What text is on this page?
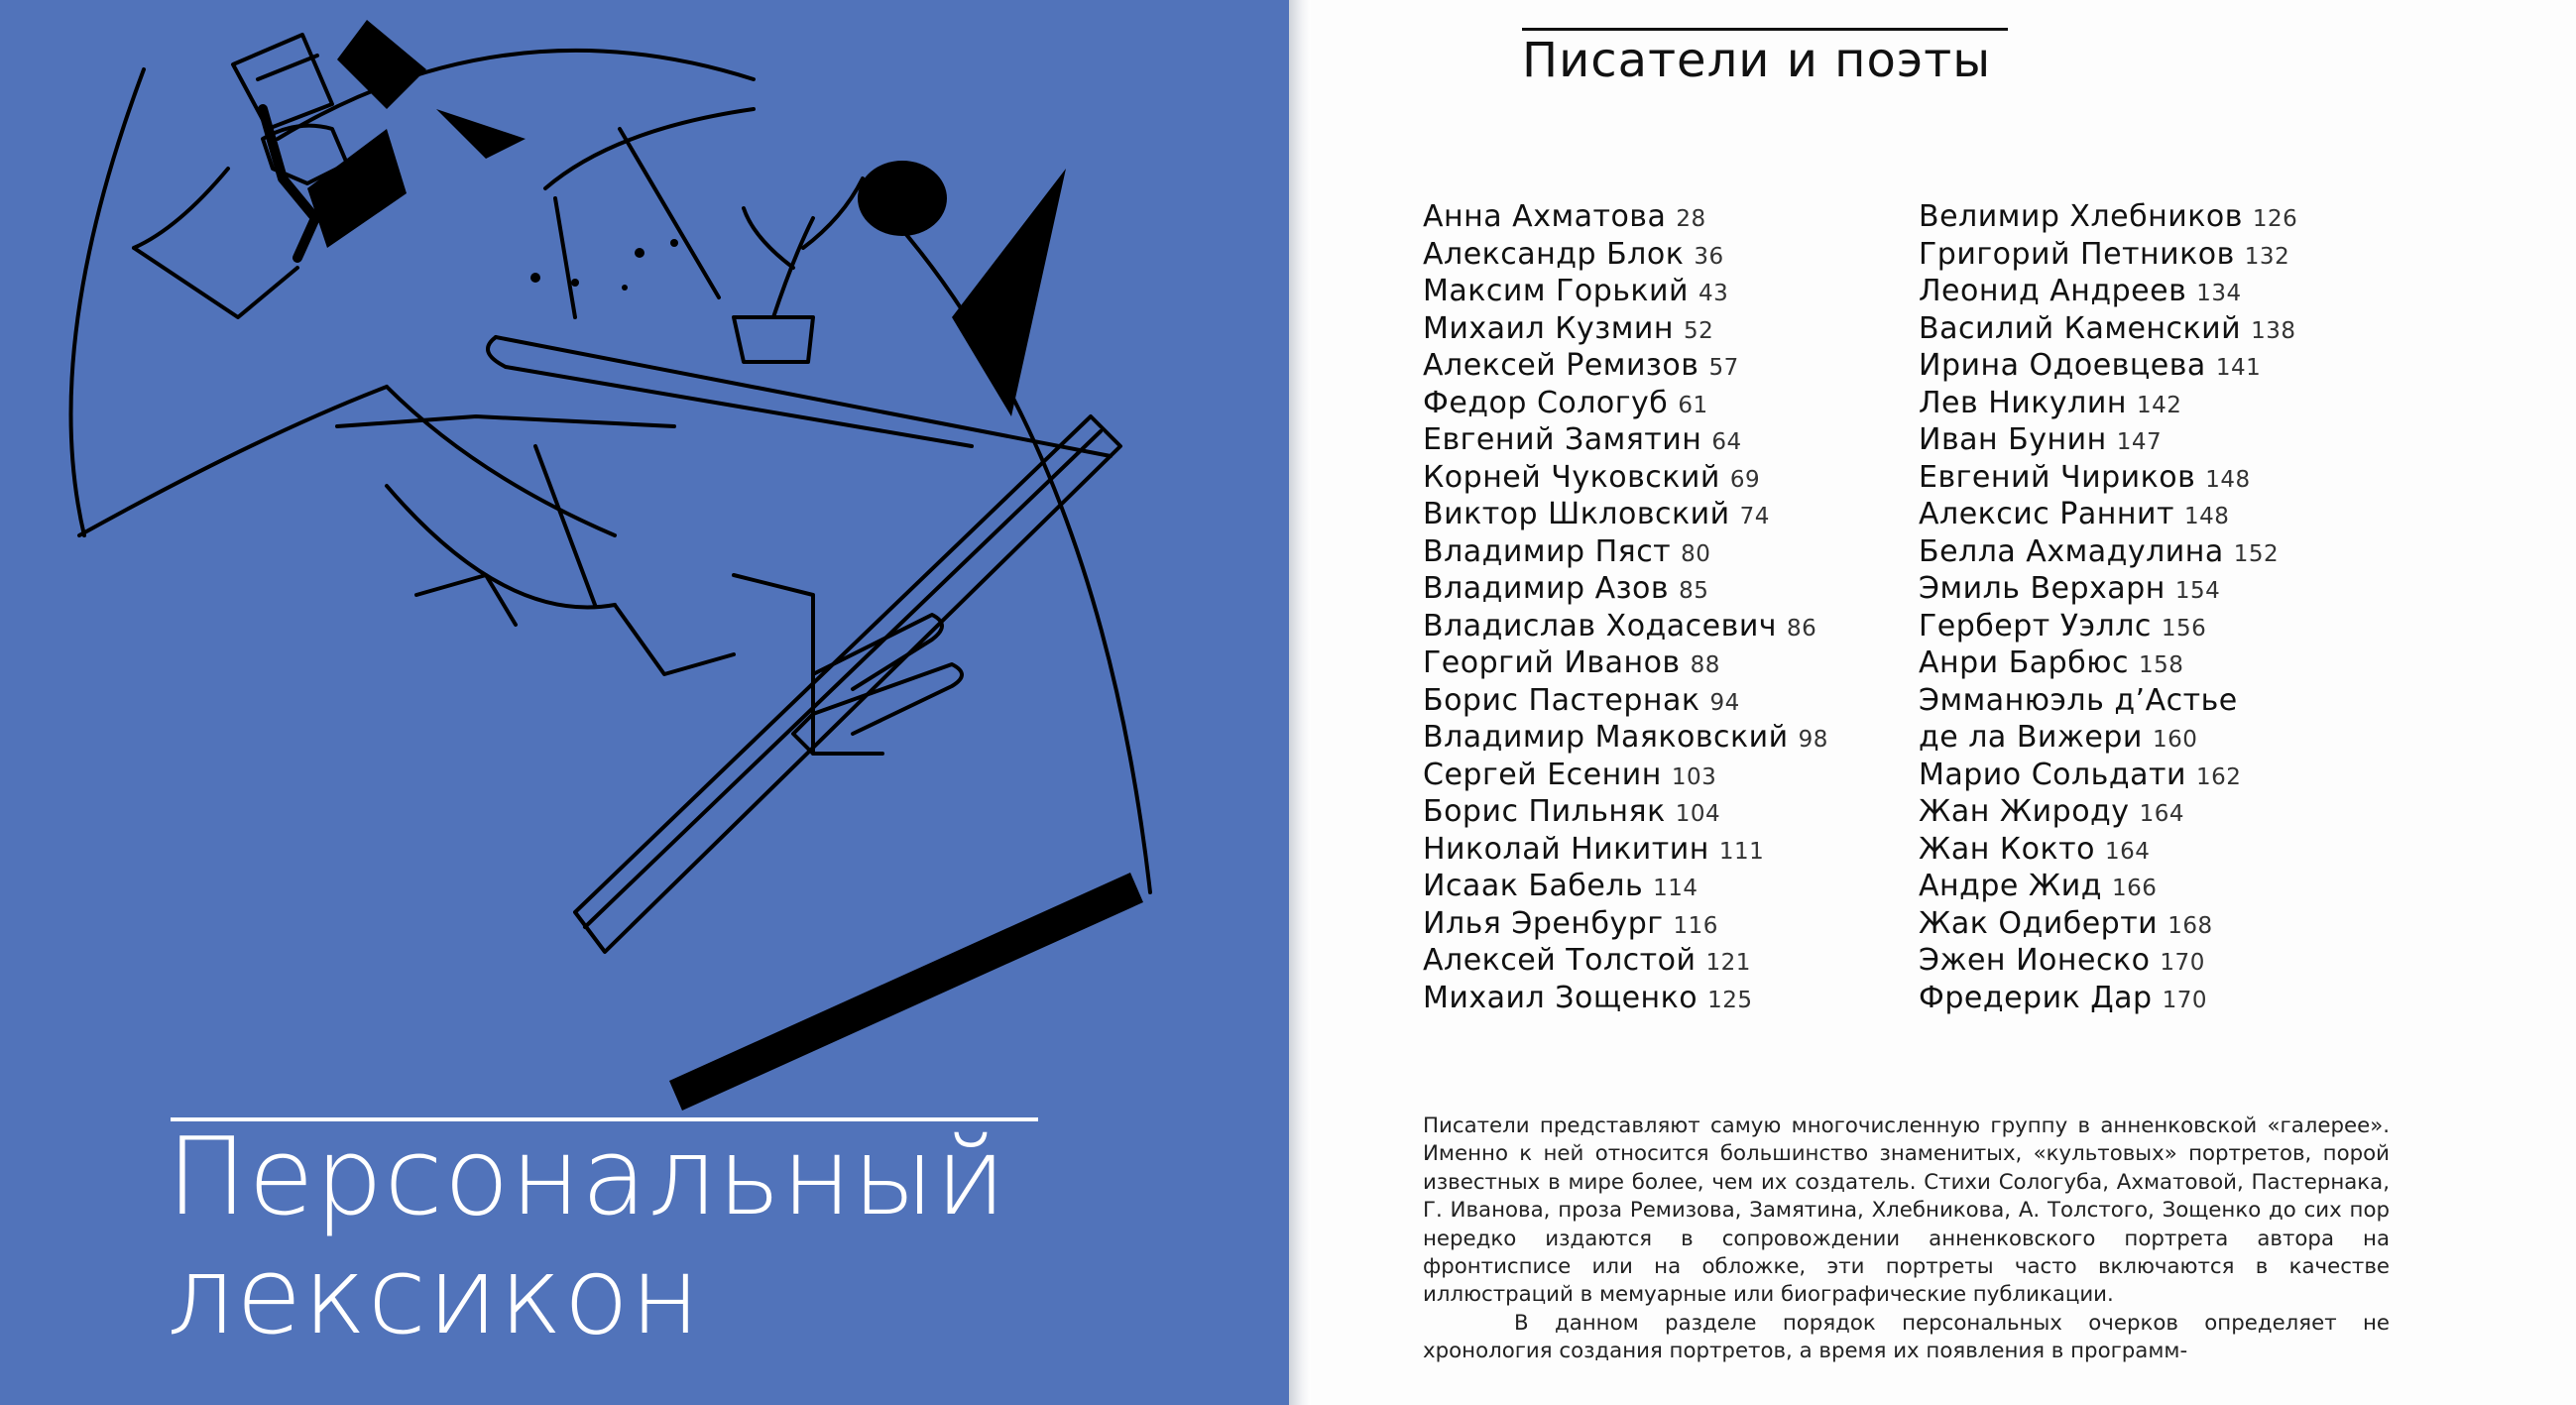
Персональный
лексикон
Писатели и поэты
Анна Ахматова 28
Александр Блок 36
Максим Горький 43
Михаил Кузмин 52
Алексей Ремизов 57
Федор Сологуб 61
Евгений Замятин 64
Корней Чуковский 69
Виктор Шкловский 74
Владимир Пяст 80
Владимир Азов 85
Владислав Ходасевич 86
Георгий Иванов 88
Борис Пастернак 94
Владимир Маяковский 98
Сергей Есенин 103
Борис Пильняк 104
Николай Никитин 111
Исаак Бабель 114
Илья Эренбург 116
Алексей Толстой 121
Михаил Зощенко 125
Велимир Хлебников 126
Григорий Петников 132
Леонид Андреев 134
Василий Каменский 138
Ирина Одоевцева 141
Лев Никулин 142
Иван Бунин 147
Евгений Чириков 148
Алексис Раннит 148
Белла Ахмадулина 152
Эмиль Верхарн 154
Герберт Уэллс 156
Анри Барбюс 158
Эмманюэль д’Астье
де ла Вижери 160
Марио Сольдати 162
Жан Жироду 164
Жан Кокто 164
Андре Жид 166
Жак Одиберти 168
Эжен Ионеско 170
Фредерик Дар 170

Писатели представляют самую многочисленную группу в анненковской «галерее». Именно к ней относится большинство знаменитых, «культовых» портретов, порой известных в мире более, чем их создатель. Стихи Сологуба, Ахматовой, Пастернака, Г. Иванова, проза Ремизова, Замятина, Хлебникова, А. Толстого, Зощенко до сих пор нередко издаются в сопровождении анненковского портрета автора на фронтисписе или на обложке, эти портреты часто включаются в качестве иллюстраций в мемуарные или биографические публикации.

В данном разделе порядок персональных очерков определяет не хронология создания портретов, а время их появления в программ-
